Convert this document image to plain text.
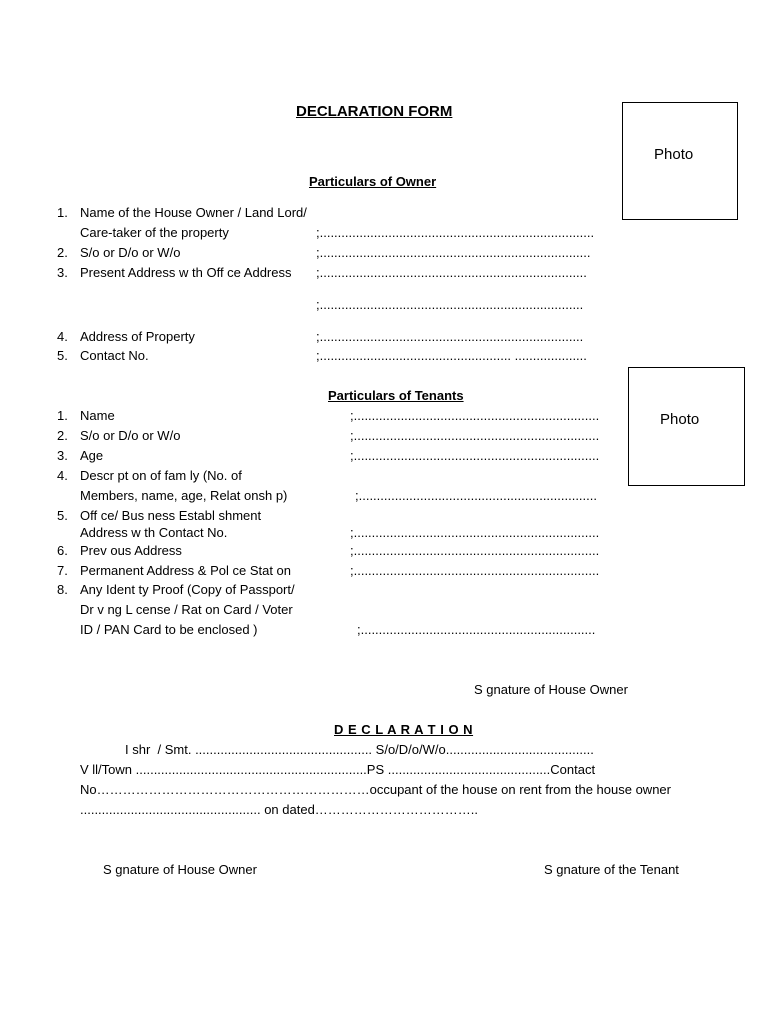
DECLARATION FORM
Photo
Particulars of Owner
1. Name of the House Owner / Land Lord/
Care-taker of the property	;............................................................................
2. S/o or D/o or W/o	;...........................................................................
3. Present Address w th Off ce Address ;..........................................................................
;.........................................................................
4. Address of Property	;.........................................................................
5. Contact No.	;..................................................... ....................
Photo
Particulars of Tenants
1. Name	;....................................................................
2. S/o or D/o or W/o	;....................................................................
3. Age	;....................................................................
4. Descr pt on of fam ly (No. of
Members, name, age, Relat onsh p)	;..................................................................
5. Off ce/ Bus ness Establ shment
Address w th Contact No.	;....................................................................
6. Prev ous Address	;....................................................................
7. Permanent Address & Pol ce Stat on	;....................................................................
8. Any Ident ty Proof (Copy of Passport/
Dr v ng L cense / Rat on Card / Voter
ID / PAN Card to be enclosed )	;.................................................................
S gnature of House Owner
D E C L A R A T I O N
I shr  / Smt. ................................................. S/o/D/o/W/o.........................................
V ll/Town ................................................................PS .............................................Contact
No………………………………………………………occupant of the house on rent from the house owner
.................................................. on dated………………………………..
S gnature of House Owner	S gnature of the Tenant
